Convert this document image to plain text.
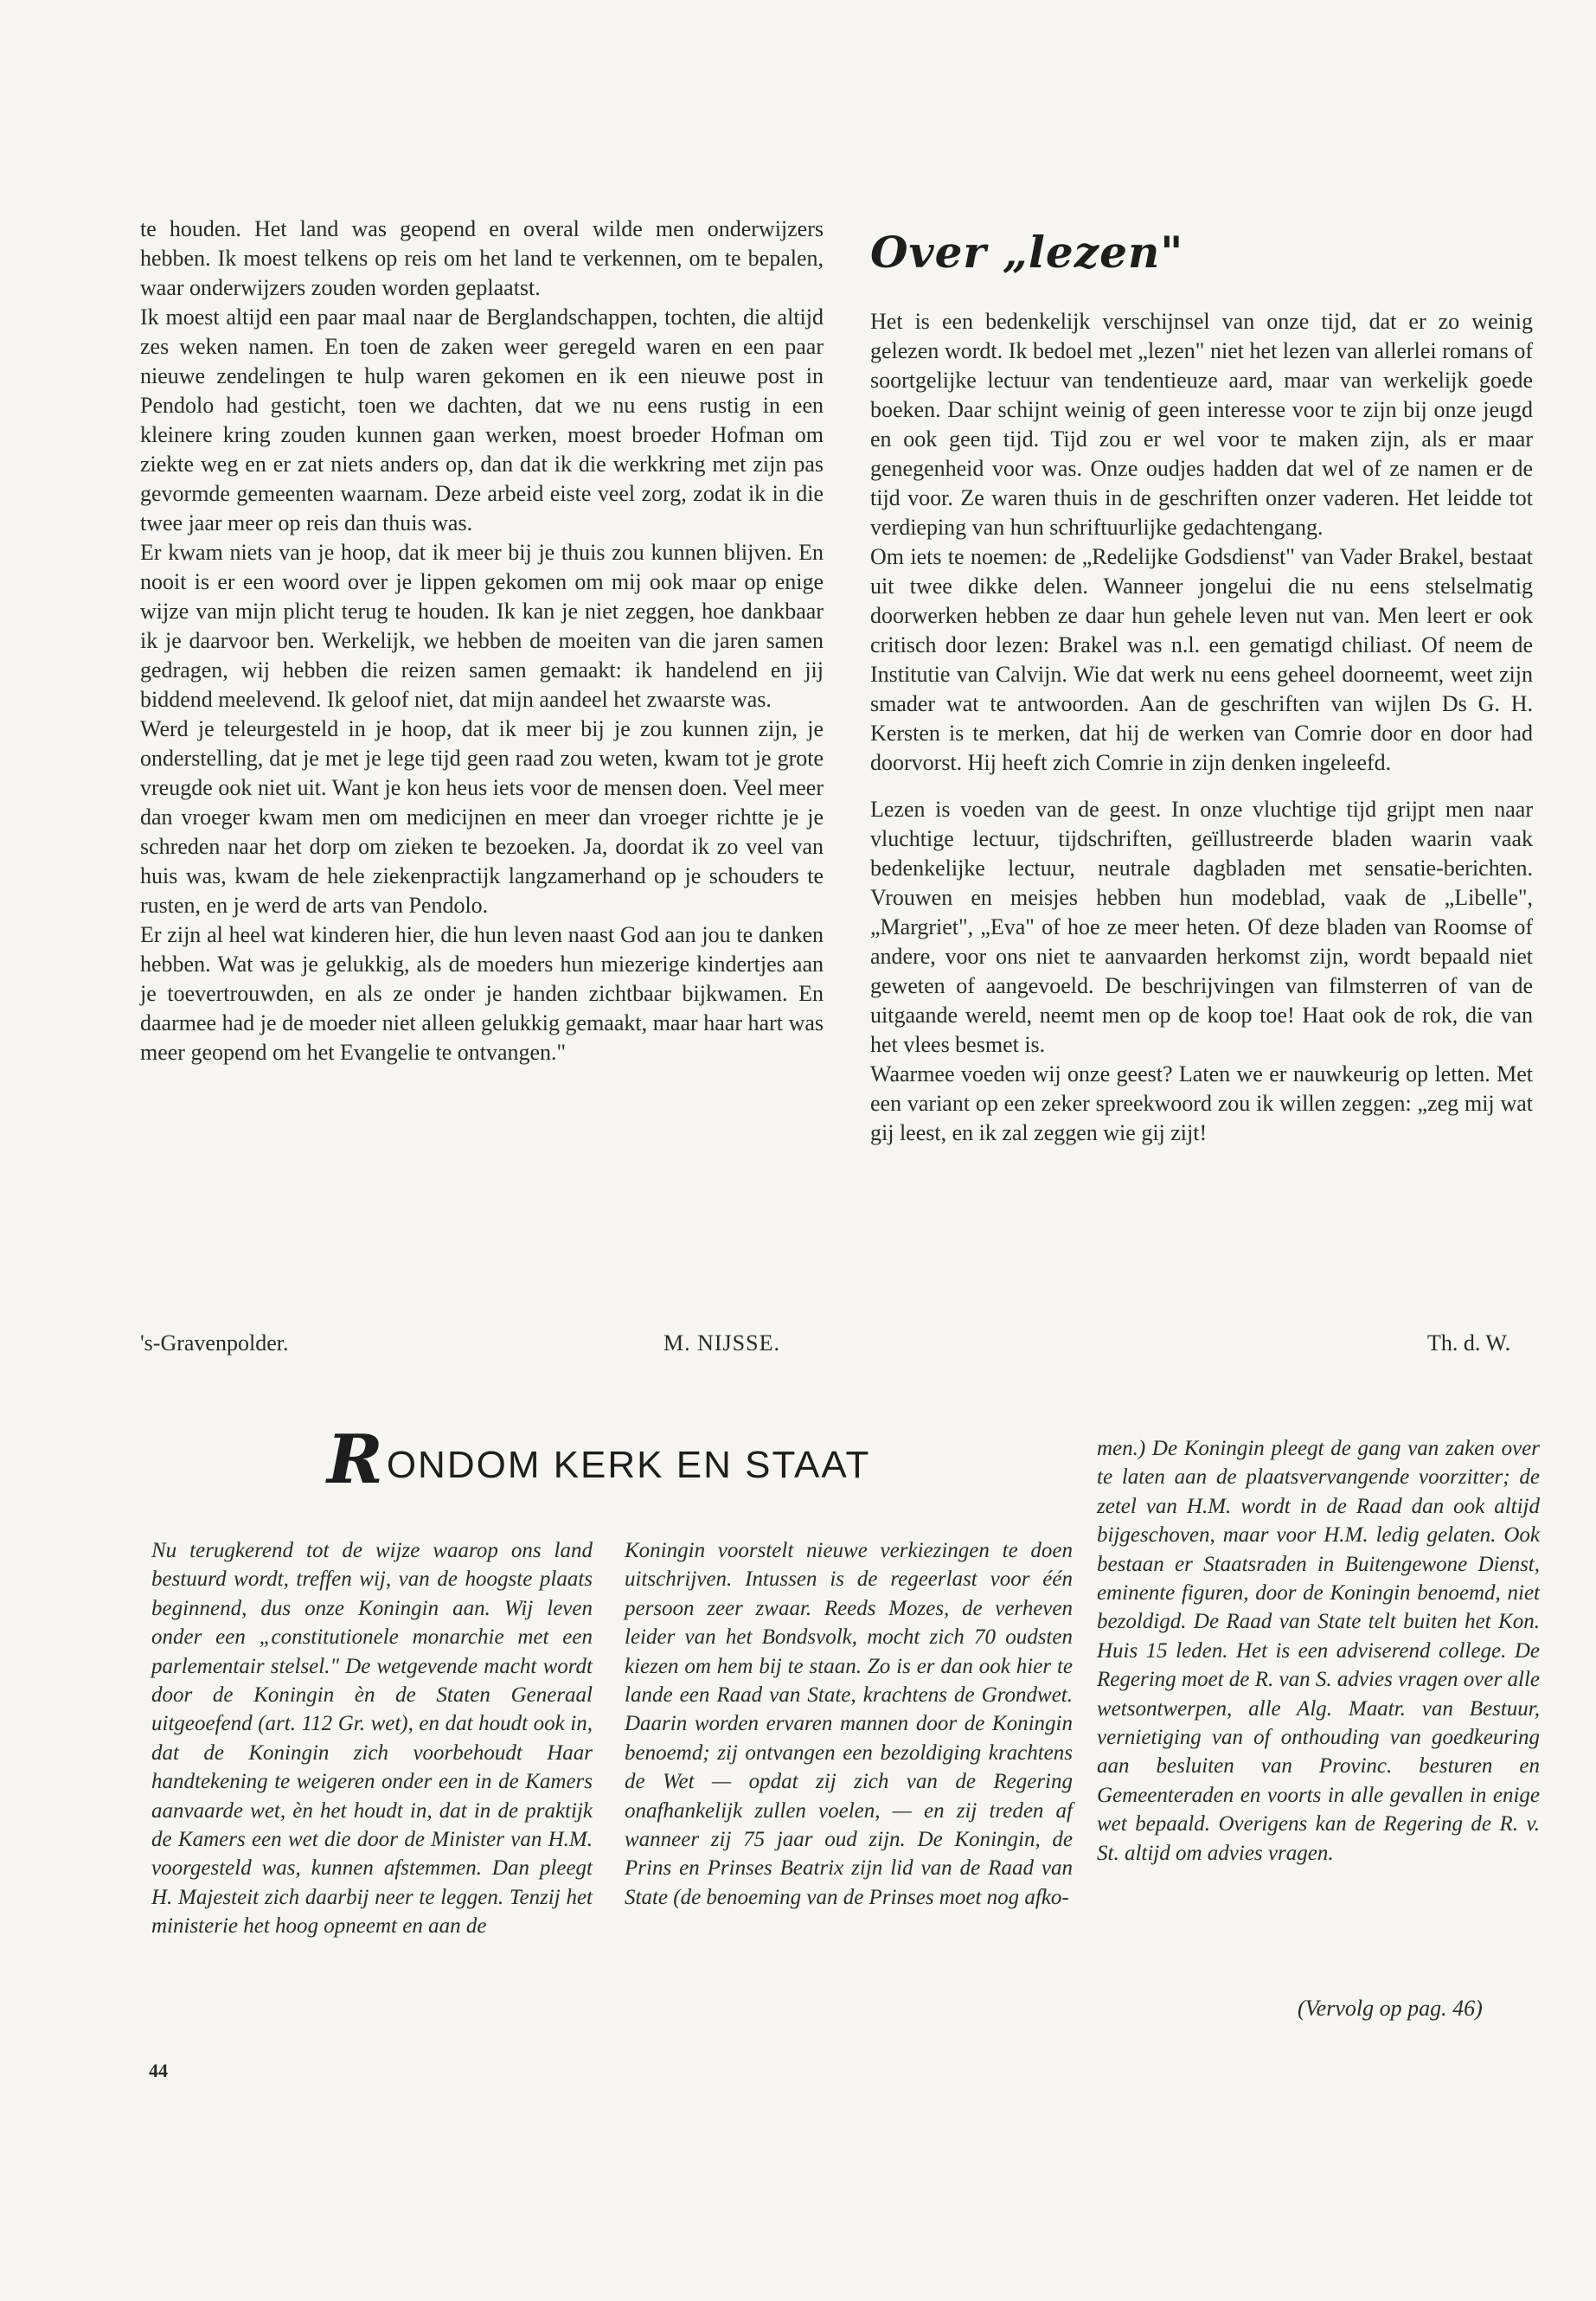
te houden. Het land was geopend en overal wilde men onderwijzers hebben. Ik moest telkens op reis om het land te verkennen, om te bepalen, waar onderwijzers zouden worden geplaatst.

Ik moest altijd een paar maal naar de Berglandschappen, tochten, die altijd zes weken namen. En toen de zaken weer geregeld waren en een paar nieuwe zendelingen te hulp waren gekomen en ik een nieuwe post in Pendolo had gesticht, toen we dachten, dat we nu eens rustig in een kleinere kring zouden kunnen gaan werken, moest broeder Hofman om ziekte weg en er zat niets anders op, dan dat ik die werkkring met zijn pas gevormde gemeenten waarnam. Deze arbeid eiste veel zorg, zodat ik in die twee jaar meer op reis dan thuis was.

Er kwam niets van je hoop, dat ik meer bij je thuis zou kunnen blijven. En nooit is er een woord over je lippen gekomen om mij ook maar op enige wijze van mijn plicht terug te houden. Ik kan je niet zeggen, hoe dankbaar ik je daarvoor ben. Werkelijk, we hebben de moeiten van die jaren samen gedragen, wij hebben die reizen samen gemaakt: ik handelend en jij biddend meelevend. Ik geloof niet, dat mijn aandeel het zwaarste was.

Werd je teleurgesteld in je hoop, dat ik meer bij je zou kunnen zijn, je onderstelling, dat je met je lege tijd geen raad zou weten, kwam tot je grote vreugde ook niet uit. Want je kon heus iets voor de mensen doen. Veel meer dan vroeger kwam men om medicijnen en meer dan vroeger richtte je je schreden naar het dorp om zieken te bezoeken. Ja, doordat ik zo veel van huis was, kwam de hele ziekenpractijk langzamerhand op je schouders te rusten, en je werd de arts van Pendolo.

Er zijn al heel wat kinderen hier, die hun leven naast God aan jou te danken hebben. Wat was je gelukkig, als de moeders hun miezerige kindertjes aan je toevertrouwden, en als ze onder je handen zichtbaar bijkwamen. En daarmee had je de moeder niet alleen gelukkig gemaakt, maar haar hart was meer geopend om het Evangelie te ontvangen."

Over „lezen"

Het is een bedenkelijk verschijnsel van onze tijd, dat er zo weinig gelezen wordt. Ik bedoel met „lezen" niet het lezen van allerlei romans of soortgelijke lectuur van tendentieuze aard, maar van werkelijk goede boeken. Daar schijnt weinig of geen interesse voor te zijn bij onze jeugd en ook geen tijd. Tijd zou er wel voor te maken zijn, als er maar genegenheid voor was. Onze oudjes hadden dat wel of ze namen er de tijd voor. Ze waren thuis in de geschriften onzer vaderen. Het leidde tot verdieping van hun schriftuurlijke gedachtengang.

Om iets te noemen: de „Redelijke Godsdienst" van Vader Brakel, bestaat uit twee dikke delen. Wanneer jongelui die nu eens stelselmatig doorwerken hebben ze daar hun gehele leven nut van. Men leert er ook critisch door lezen: Brakel was n.l. een gematigd chiliast. Of neem de Institutie van Calvijn. Wie dat werk nu eens geheel doorneemt, weet zijn smader wat te antwoorden. Aan de geschriften van wijlen Ds G. H. Kersten is te merken, dat hij de werken van Comrie door en door had doorvorst. Hij heeft zich Comrie in zijn denken ingeleefd.

Lezen is voeden van de geest. In onze vluchtige tijd grijpt men naar vluchtige lectuur, tijdschriften, geïllustreerde bladen waarin vaak bedenkelijke lectuur, neutrale dagbladen met sensatie-berichten. Vrouwen en meisjes hebben hun modeblad, vaak de „Libelle", „Margriet", „Eva" of hoe ze meer heten. Of deze bladen van Roomse of andere, voor ons niet te aanvaarden herkomst zijn, wordt bepaald niet geweten of aangevoeld. De beschrijvingen van filmsterren of van de uitgaande wereld, neemt men op de koop toe! Haat ook de rok, die van het vlees besmet is.

Waarmee voeden wij onze geest? Laten we er nauwkeurig op letten. Met een variant op een zeker spreekwoord zou ik willen zeggen: „zeg mij wat gij leest, en ik zal zeggen wie gij zijt!

's-Gravenpolder.	M. NIJSSE.	Th. d. W.

RONDOM KERK EN STAAT

Nu terugkerend tot de wijze waarop ons land bestuurd wordt, treffen wij, van de hoogste plaats beginnend, dus onze Koningin aan. Wij leven onder een „constitutionele monarchie met een parlementair stelsel." De wetgevende macht wordt door de Koningin èn de Staten Generaal uitgeoefend (art. 112 Gr. wet), en dat houdt ook in, dat de Koningin zich voorbehoudt Haar handtekening te weigeren onder een in de Kamers aanvaarde wet, èn het houdt in, dat in de praktijk de Kamers een wet die door de Minister van H.M. voorgesteld was, kunnen afstemmen. Dan pleegt H. Majesteit zich daarbij neer te leggen. Tenzij het ministerie het hoog opneemt en aan de

Koningin voorstelt nieuwe verkiezingen te doen uitschrijven. Intussen is de regeerlast voor één persoon zeer zwaar. Reeds Mozes, de verheven leider van het Bondsvolk, mocht zich 70 oudsten kiezen om hem bij te staan. Zo is er dan ook hier te lande een Raad van State, krachtens de Grondwet. Daarin worden ervaren mannen door de Koningin benoemd; zij ontvangen een bezoldiging krachtens de Wet — opdat zij zich van de Regering onafhankelijk zullen voelen, — en zij treden af wanneer zij 75 jaar oud zijn. De Koningin, de Prins en Prinses Beatrix zijn lid van de Raad van State (de benoeming van de Prinses moet nog afko-

men.) De Koningin pleegt de gang van zaken over te laten aan de plaatsvervangende voorzitter; de zetel van H.M. wordt in de Raad dan ook altijd bijgeschoven, maar voor H.M. ledig gelaten. Ook bestaan er Staatsraden in Buitengewone Dienst, eminente figuren, door de Koningin benoemd, niet bezoldigd. De Raad van State telt buiten het Kon. Huis 15 leden. Het is een adviserend college. De Regering moet de R. van S. advies vragen over alle wetsontwerpen, alle Alg. Maatr. van Bestuur, vernietiging van of onthouding van goedkeuring aan besluiten van Provinc. besturen en Gemeenteraden en voorts in alle gevallen in enige wet bepaald. Overigens kan de Regering de R. v. St. altijd om advies vragen.

(Vervolg op pag. 46)

44
